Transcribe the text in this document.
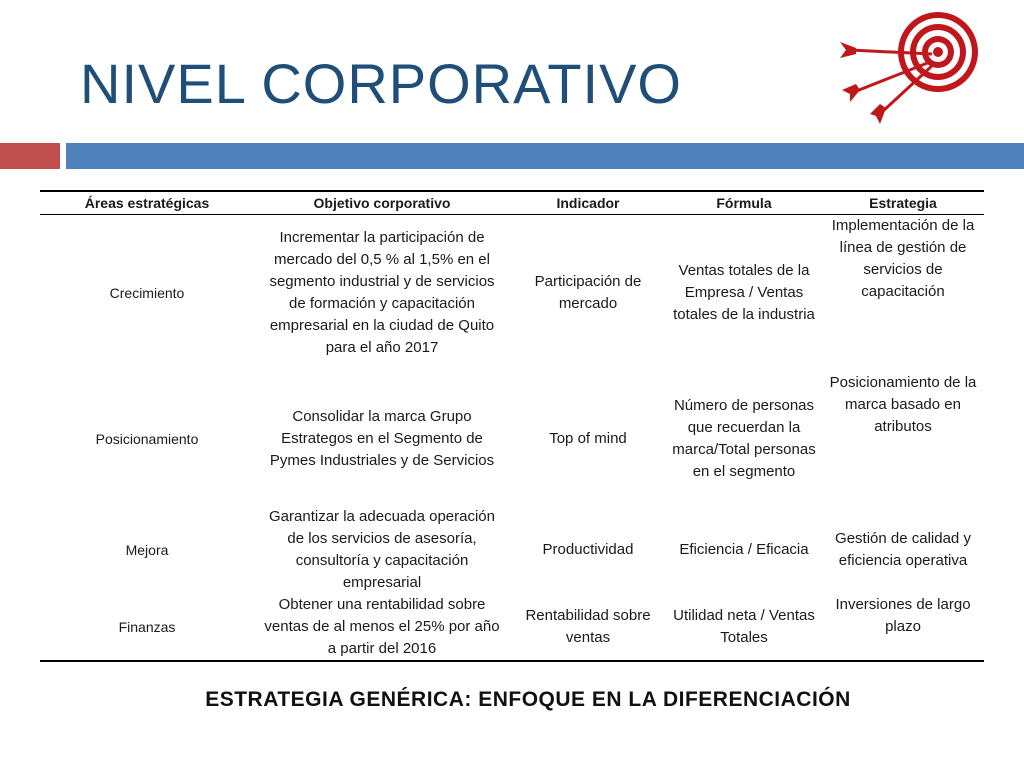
NIVEL CORPORATIVO
Áreas estratégicas	Objetivo corporativo	Indicador	Fórmula	Estrategia
Crecimiento	Incrementar la participación de mercado del 0,5 % al 1,5% en el segmento industrial y de servicios de formación y capacitación empresarial en la ciudad de Quito para el año 2017	Participación de mercado	Ventas totales de la Empresa / Ventas totales de la industria	Implementación de la línea de gestión de servicios de capacitación
Posicionamiento	Consolidar la marca Grupo Estrategos en el Segmento de Pymes Industriales y de Servicios	Top of mind	Número de personas que recuerdan la marca/Total personas en el segmento	Posicionamiento de la marca basado en atributos
Mejora	Garantizar la adecuada operación de los servicios de asesoría, consultoría y capacitación empresarial	Productividad	Eficiencia / Eficacia	Gestión de calidad y eficiencia operativa
Finanzas	Obtener una rentabilidad sobre ventas de al menos el 25% por año a partir del 2016	Rentabilidad sobre ventas	Utilidad neta / Ventas Totales	Inversiones de largo plazo

ESTRATEGIA GENÉRICA: ENFOQUE EN LA DIFERENCIACIÓN
